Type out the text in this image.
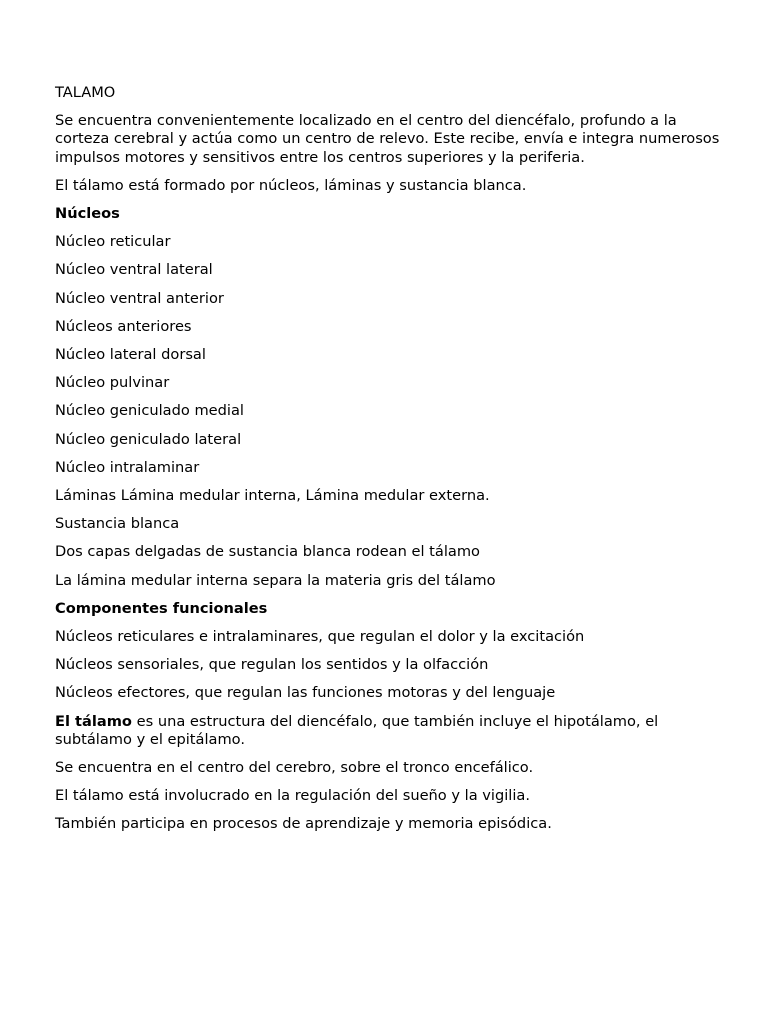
TALAMO

Se encuentra convenientemente localizado en el centro del diencéfalo, profundo a la corteza cerebral y actúa como un centro de relevo. Este recibe, envía e integra numerosos impulsos motores y sensitivos entre los centros superiores y la periferia.

El tálamo está formado por núcleos, láminas y sustancia blanca.

Núcleos

Núcleo reticular

Núcleo ventral lateral

Núcleo ventral anterior

Núcleos anteriores

Núcleo lateral dorsal

Núcleo pulvinar

Núcleo geniculado medial

Núcleo geniculado lateral

Núcleo intralaminar

Láminas Lámina medular interna, Lámina medular externa.

Sustancia blanca

Dos capas delgadas de sustancia blanca rodean el tálamo

La lámina medular interna separa la materia gris del tálamo

Componentes funcionales

Núcleos reticulares e intralaminares, que regulan el dolor y la excitación

Núcleos sensoriales, que regulan los sentidos y la olfacción

Núcleos efectores, que regulan las funciones motoras y del lenguaje

El tálamo es una estructura del diencéfalo, que también incluye el hipotálamo, el subtálamo y el epitálamo.

Se encuentra en el centro del cerebro, sobre el tronco encefálico.

El tálamo está involucrado en la regulación del sueño y la vigilia.

También participa en procesos de aprendizaje y memoria episódica.
